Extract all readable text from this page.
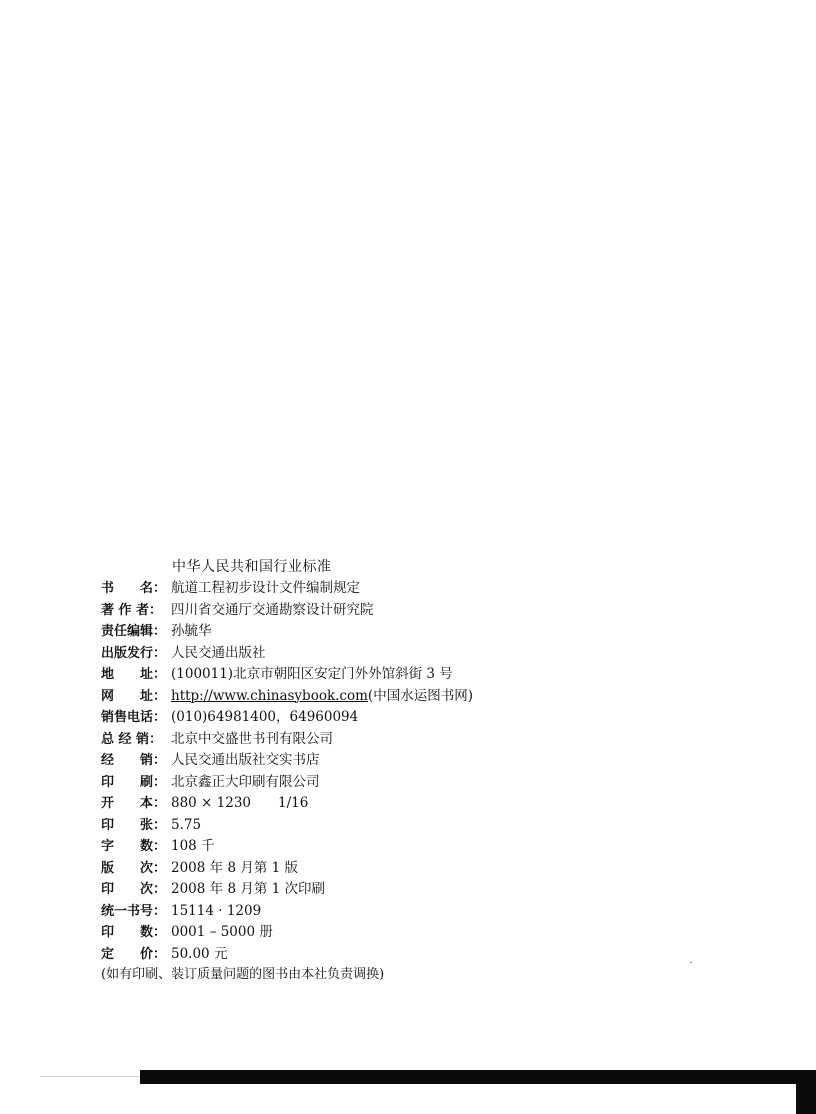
中华人民共和国行业标准
书　　名： 航道工程初步设计文件编制规定
著 作 者： 四川省交通厅交通勘察设计研究院
责任编辑： 孙毓华
出版发行： 人民交通出版社
地　　址： (100011)北京市朝阳区安定门外外馆斜街 3 号
网　　址： http://www.chinasybook.com(中国水运图书网)
销售电话： (010)64981400，64960094
总 经 销： 北京中交盛世书刊有限公司
经　　销： 人民交通出版社交实书店
印　　刷： 北京鑫正大印刷有限公司
开　　本： 880 × 1230　　1/16
印　　张： 5.75
字　　数： 108 千
版　　次： 2008 年 8 月第 1 版
印　　次： 2008 年 8 月第 1 次印刷
统一书号： 15114 · 1209
印　　数： 0001 – 5000 册
定　　价： 50.00 元
(如有印刷、装订质量问题的图书由本社负责调换)
